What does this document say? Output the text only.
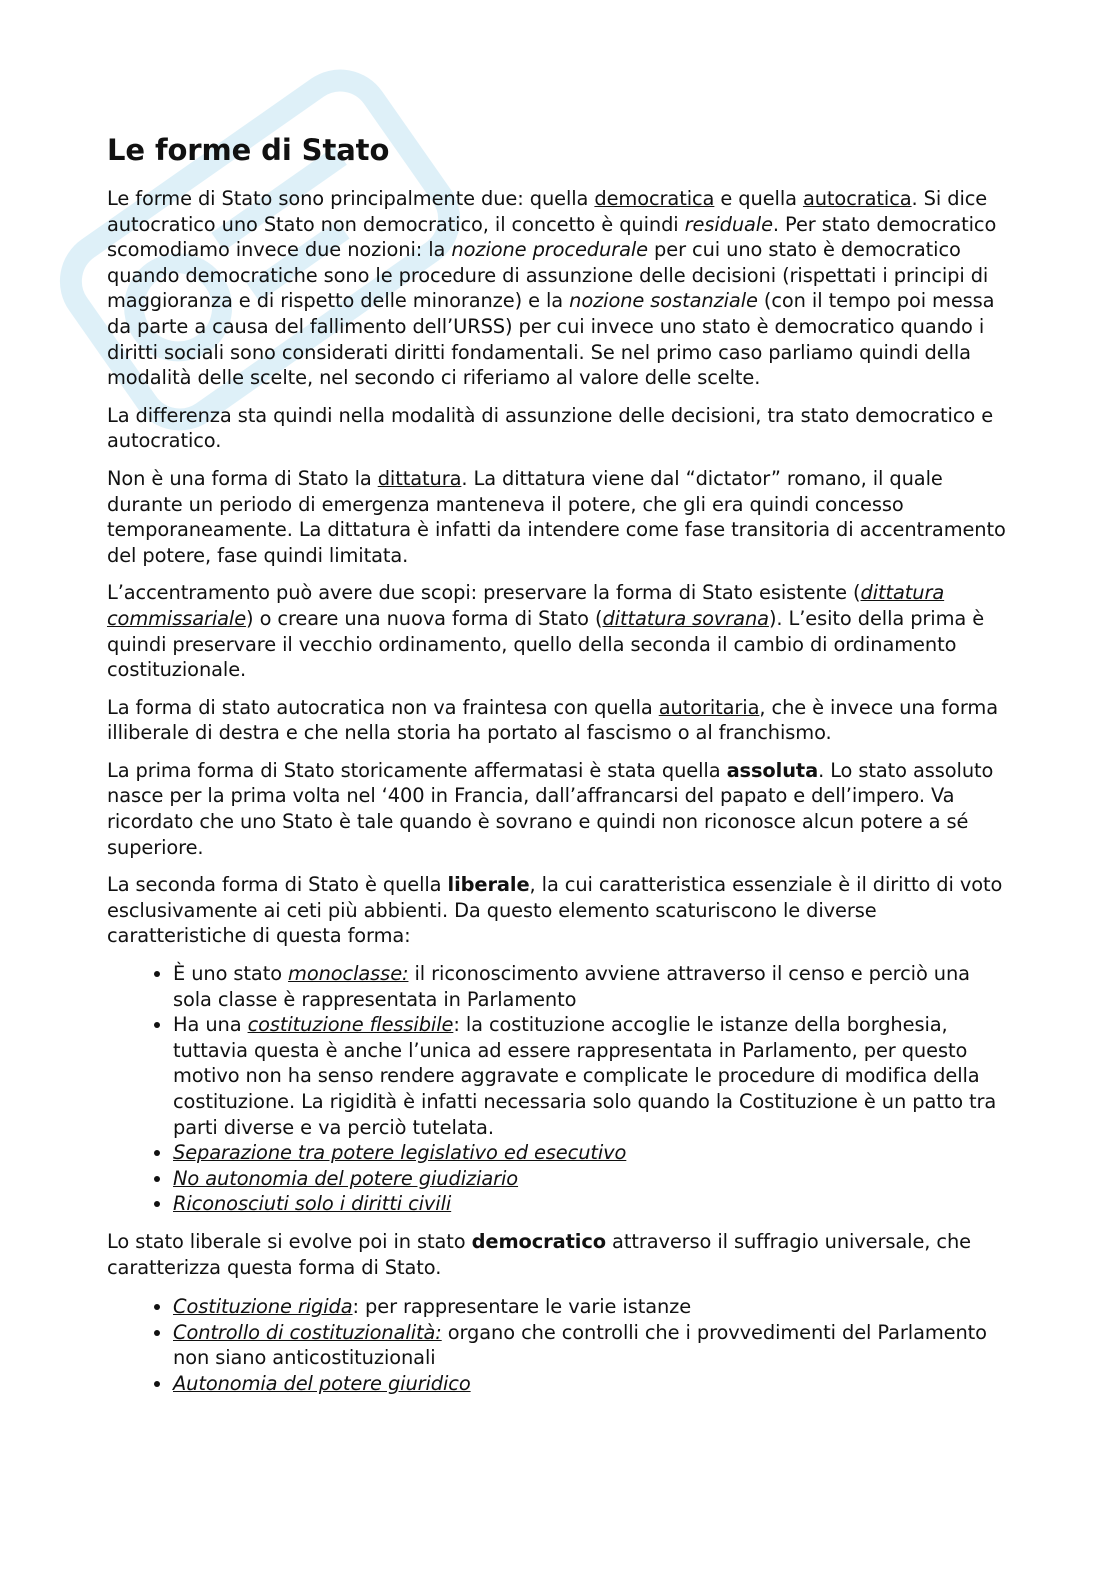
Le forme di Stato

Le forme di Stato sono principalmente due: quella democratica e quella autocratica. Si dice autocratico uno Stato non democratico, il concetto è quindi residuale. Per stato democratico scomodiamo invece due nozioni: la nozione procedurale per cui uno stato è democratico quando democratiche sono le procedure di assunzione delle decisioni (rispettati i principi di maggioranza e di rispetto delle minoranze) e la nozione sostanziale (con il tempo poi messa da parte a causa del fallimento dell’URSS) per cui invece uno stato è democratico quando i diritti sociali sono considerati diritti fondamentali. Se nel primo caso parliamo quindi della modalità delle scelte, nel secondo ci riferiamo al valore delle scelte.

La differenza sta quindi nella modalità di assunzione delle decisioni, tra stato democratico e autocratico.

Non è una forma di Stato la dittatura. La dittatura viene dal “dictator” romano, il quale durante un periodo di emergenza manteneva il potere, che gli era quindi concesso temporaneamente. La dittatura è infatti da intendere come fase transitoria di accentramento del potere, fase quindi limitata.

L’accentramento può avere due scopi: preservare la forma di Stato esistente (dittatura commissariale) o creare una nuova forma di Stato (dittatura sovrana). L’esito della prima è quindi preservare il vecchio ordinamento, quello della seconda il cambio di ordinamento costituzionale.

La forma di stato autocratica non va fraintesa con quella autoritaria, che è invece una forma illiberale di destra e che nella storia ha portato al fascismo o al franchismo.

La prima forma di Stato storicamente affermatasi è stata quella assoluta. Lo stato assoluto nasce per la prima volta nel ‘400 in Francia, dall’affrancarsi del papato e dell’impero. Va ricordato che uno Stato è tale quando è sovrano e quindi non riconosce alcun potere a sé superiore.

La seconda forma di Stato è quella liberale, la cui caratteristica essenziale è il diritto di voto esclusivamente ai ceti più abbienti. Da questo elemento scaturiscono le diverse caratteristiche di questa forma:

• È uno stato monoclasse: il riconoscimento avviene attraverso il censo e perciò una sola classe è rappresentata in Parlamento
• Ha una costituzione flessibile: la costituzione accoglie le istanze della borghesia, tuttavia questa è anche l’unica ad essere rappresentata in Parlamento, per questo motivo non ha senso rendere aggravate e complicate le procedure di modifica della costituzione. La rigidità è infatti necessaria solo quando la Costituzione è un patto tra parti diverse e va perciò tutelata.
• Separazione tra potere legislativo ed esecutivo
• No autonomia del potere giudiziario
• Riconosciuti solo i diritti civili

Lo stato liberale si evolve poi in stato democratico attraverso il suffragio universale, che caratterizza questa forma di Stato.

• Costituzione rigida: per rappresentare le varie istanze
• Controllo di costituzionalità: organo che controlli che i provvedimenti del Parlamento non siano anticostituzionali
• Autonomia del potere giuridico
